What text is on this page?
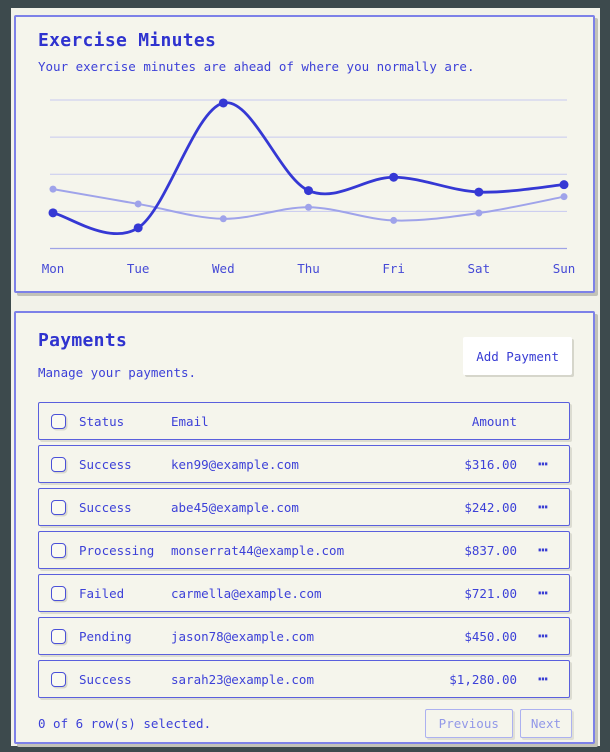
Exercise Minutes

Your exercise minutes are ahead of where you normally are.

Mon	Tue	Wed	Thu	Fri	Sat	Sun
Payments

Manage your payments.

Add Payment
Status	Email	Amount
Success	ken99@example.com	$316.00 ⋯
Success	abe45@example.com	$242.00 ⋯
Processing	monserrat44@example.com	$837.00 ⋯
Failed	carmella@example.com	$721.00 ⋯
Pending	jason78@example.com	$450.00 ⋯
Success	sarah23@example.com	$1,280.00 ⋯
0 of 6 row(s) selected.	Previous	Next
